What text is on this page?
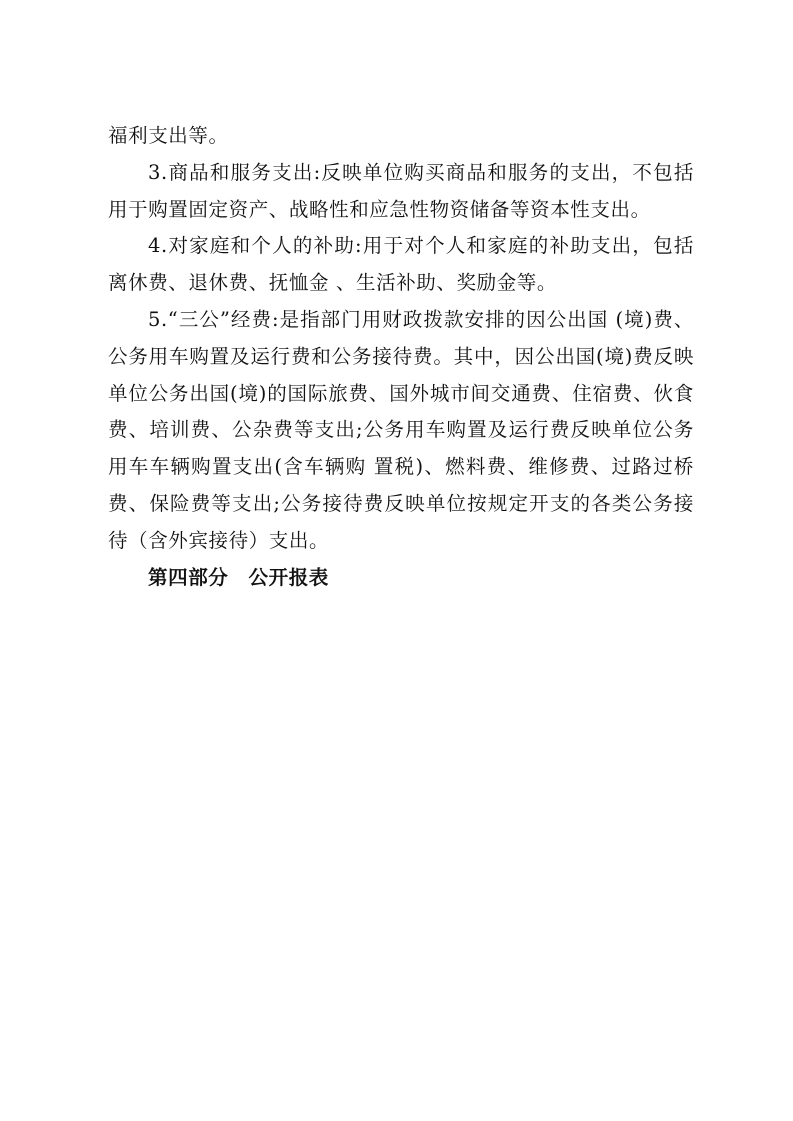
福利支出等。

3.商品和服务支出:反映单位购买商品和服务的支出，不包括用于购置固定资产、战略性和应急性物资储备等资本性支出。

4.对家庭和个人的补助:用于对个人和家庭的补助支出，包括离休费、退休费、抚恤金 、生活补助、奖励金等。

5.“三公”经费:是指部门用财政拨款安排的因公出国 (境)费、公务用车购置及运行费和公务接待费。其中，因公出国(境)费反映单位公务出国(境)的国际旅费、国外城市间交通费、住宿费、伙食费、培训费、公杂费等支出;公务用车购置及运行费反映单位公务用车车辆购置支出(含车辆购 置税)、燃料费、维修费、过路过桥费、保险费等支出;公务接待费反映单位按规定开支的各类公务接待（含外宾接待）支出。

第四部分　公开报表
